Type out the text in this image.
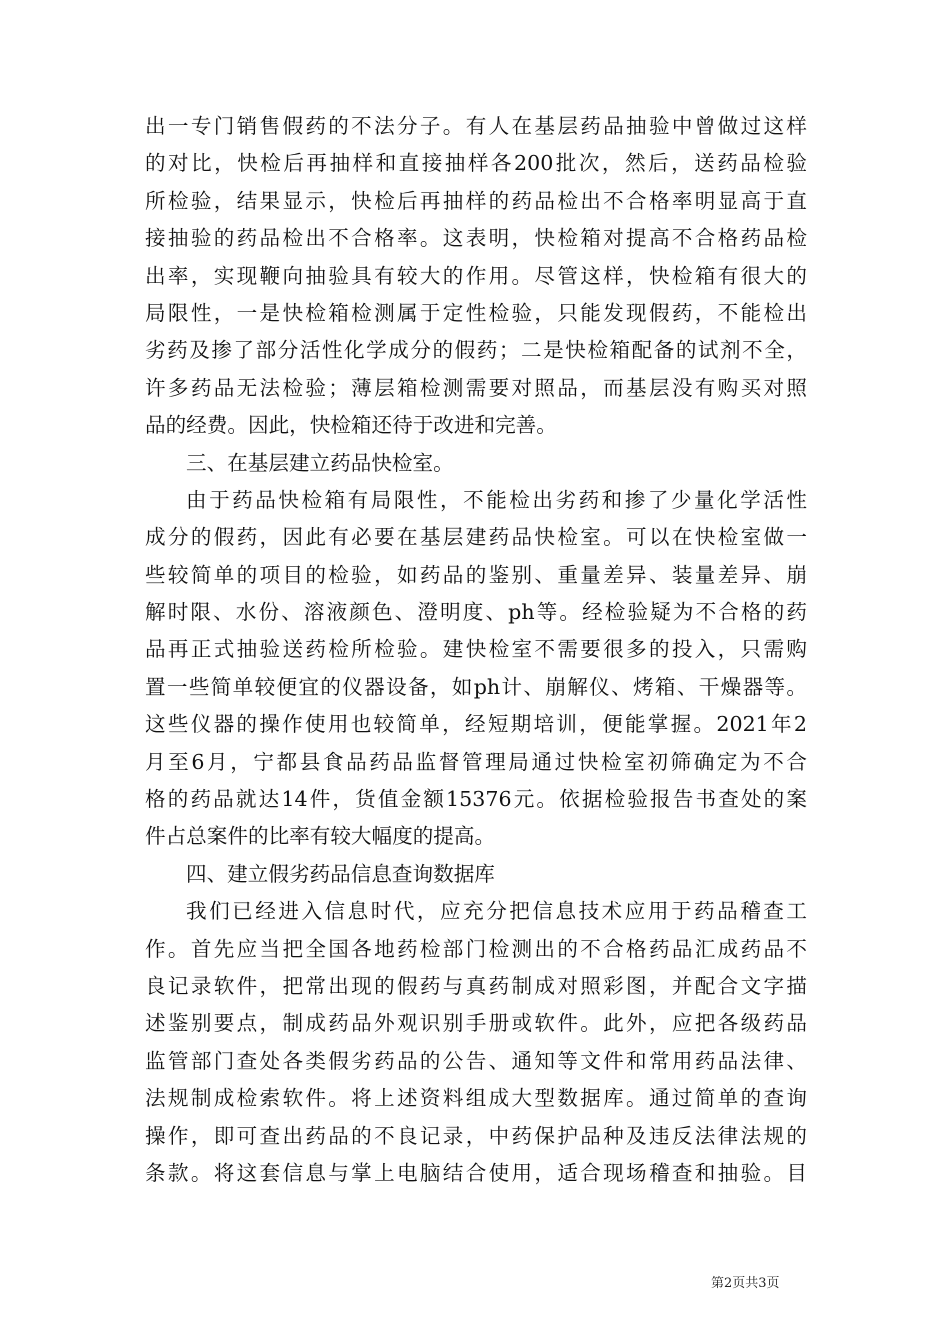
出一专门销售假药的不法分子。有人在基层药品抽验中曾做过这样
的对比，快检后再抽样和直接抽样各200批次，然后，送药品检验
所检验，结果显示，快检后再抽样的药品检出不合格率明显高于直
接抽验的药品检出不合格率。这表明，快检箱对提高不合格药品检
出率，实现鞭向抽验具有较大的作用。尽管这样，快检箱有很大的
局限性，一是快检箱检测属于定性检验，只能发现假药，不能检出
劣药及掺了部分活性化学成分的假药；二是快检箱配备的试剂不全，
许多药品无法检验；薄层箱检测需要对照品，而基层没有购买对照
品的经费。因此，快检箱还待于改进和完善。
三、在基层建立药品快检室。
由于药品快检箱有局限性，不能检出劣药和掺了少量化学活性
成分的假药，因此有必要在基层建药品快检室。可以在快检室做一
些较简单的项目的检验，如药品的鉴别、重量差异、装量差异、崩
解时限、水份、溶液颜色、澄明度、ph等。经检验疑为不合格的药
品再正式抽验送药检所检验。建快检室不需要很多的投入，只需购
置一些简单较便宜的仪器设备，如ph计、崩解仪、烤箱、干燥器等。
这些仪器的操作使用也较简单，经短期培训，便能掌握。2021年2
月至6月，宁都县食品药品监督管理局通过快检室初筛确定为不合
格的药品就达14件，货值金额15376元。依据检验报告书查处的案
件占总案件的比率有较大幅度的提高。
四、建立假劣药品信息查询数据库
我们已经进入信息时代，应充分把信息技术应用于药品稽查工
作。首先应当把全国各地药检部门检测出的不合格药品汇成药品不
良记录软件，把常出现的假药与真药制成对照彩图，并配合文字描
述鉴别要点，制成药品外观识别手册或软件。此外，应把各级药品
监管部门查处各类假劣药品的公告、通知等文件和常用药品法律、
法规制成检索软件。将上述资料组成大型数据库。通过简单的查询
操作，即可查出药品的不良记录，中药保护品种及违反法律法规的
条款。将这套信息与掌上电脑结合使用，适合现场稽查和抽验。目
第2页共3页
